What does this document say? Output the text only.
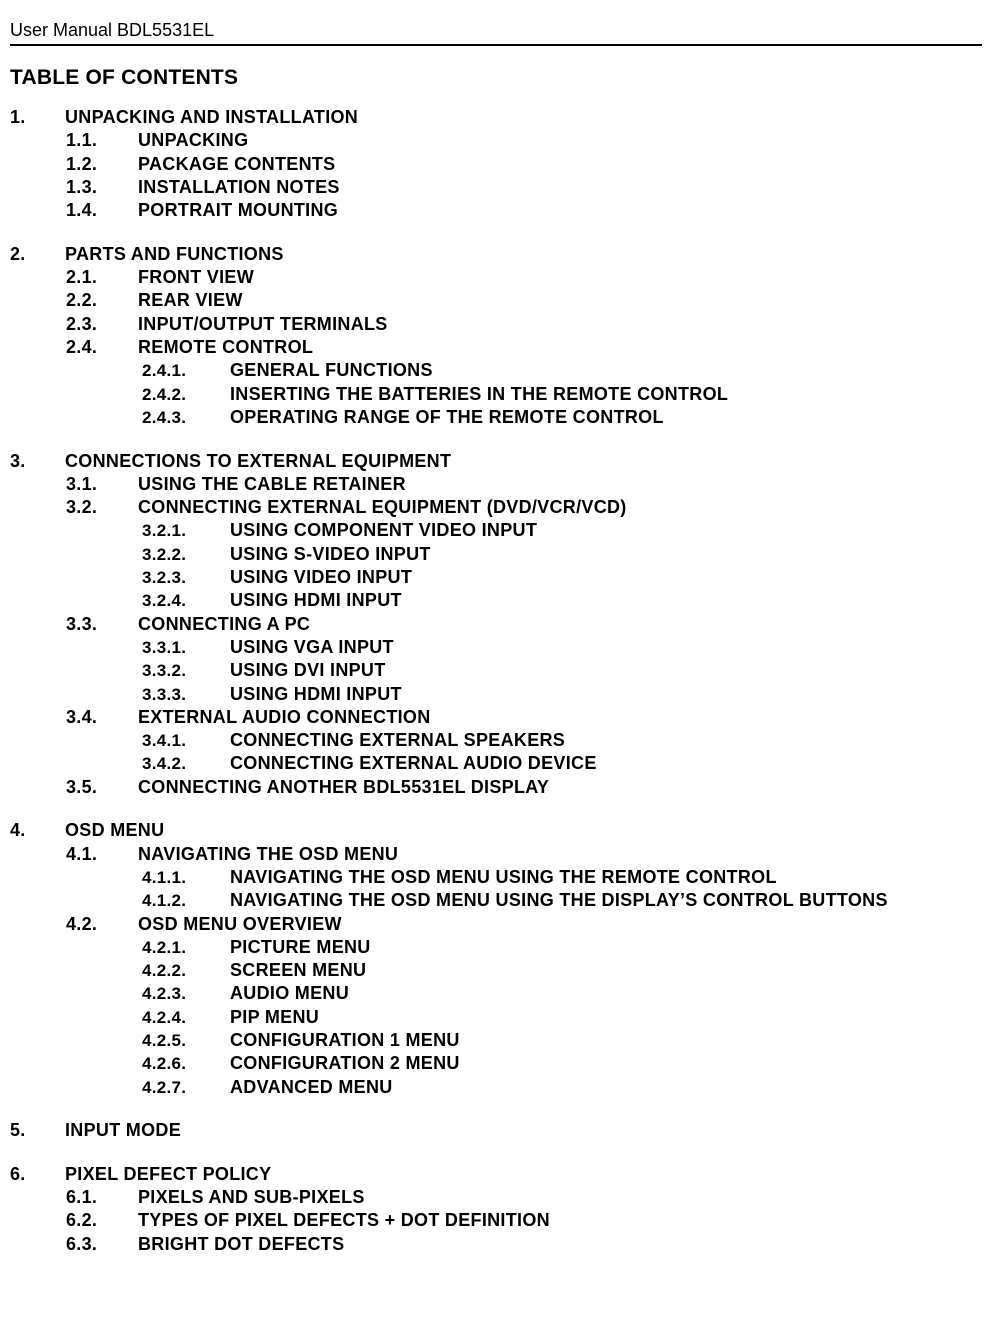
User Manual BDL5531EL
TABLE OF CONTENTS
1. UNPACKING AND INSTALLATION
1.1. UNPACKING
1.2. PACKAGE CONTENTS
1.3. INSTALLATION NOTES
1.4. PORTRAIT MOUNTING
2. PARTS AND FUNCTIONS
2.1. FRONT VIEW
2.2. REAR VIEW
2.3. INPUT/OUTPUT TERMINALS
2.4. REMOTE CONTROL
2.4.1. GENERAL FUNCTIONS
2.4.2. INSERTING THE BATTERIES IN THE REMOTE CONTROL
2.4.3. OPERATING RANGE OF THE REMOTE CONTROL
3. CONNECTIONS TO EXTERNAL EQUIPMENT
3.1. USING THE CABLE RETAINER
3.2. CONNECTING EXTERNAL EQUIPMENT (DVD/VCR/VCD)
3.2.1. USING COMPONENT VIDEO INPUT
3.2.2. USING S-VIDEO INPUT
3.2.3. USING VIDEO INPUT
3.2.4. USING HDMI INPUT
3.3. CONNECTING A PC
3.3.1. USING VGA INPUT
3.3.2. USING DVI INPUT
3.3.3. USING HDMI INPUT
3.4. EXTERNAL AUDIO CONNECTION
3.4.1. CONNECTING EXTERNAL SPEAKERS
3.4.2. CONNECTING EXTERNAL AUDIO DEVICE
3.5. CONNECTING ANOTHER BDL5531EL DISPLAY
4. OSD MENU
4.1. NAVIGATING THE OSD MENU
4.1.1. NAVIGATING THE OSD MENU USING THE REMOTE CONTROL
4.1.2. NAVIGATING THE OSD MENU USING THE DISPLAY’S CONTROL BUTTONS
4.2. OSD MENU OVERVIEW
4.2.1. PICTURE MENU
4.2.2. SCREEN MENU
4.2.3. AUDIO MENU
4.2.4. PIP MENU
4.2.5. CONFIGURATION 1 MENU
4.2.6. CONFIGURATION 2 MENU
4.2.7. ADVANCED MENU
5. INPUT MODE
6. PIXEL DEFECT POLICY
6.1. PIXELS AND SUB-PIXELS
6.2. TYPES OF PIXEL DEFECTS + DOT DEFINITION
6.3. BRIGHT DOT DEFECTS
